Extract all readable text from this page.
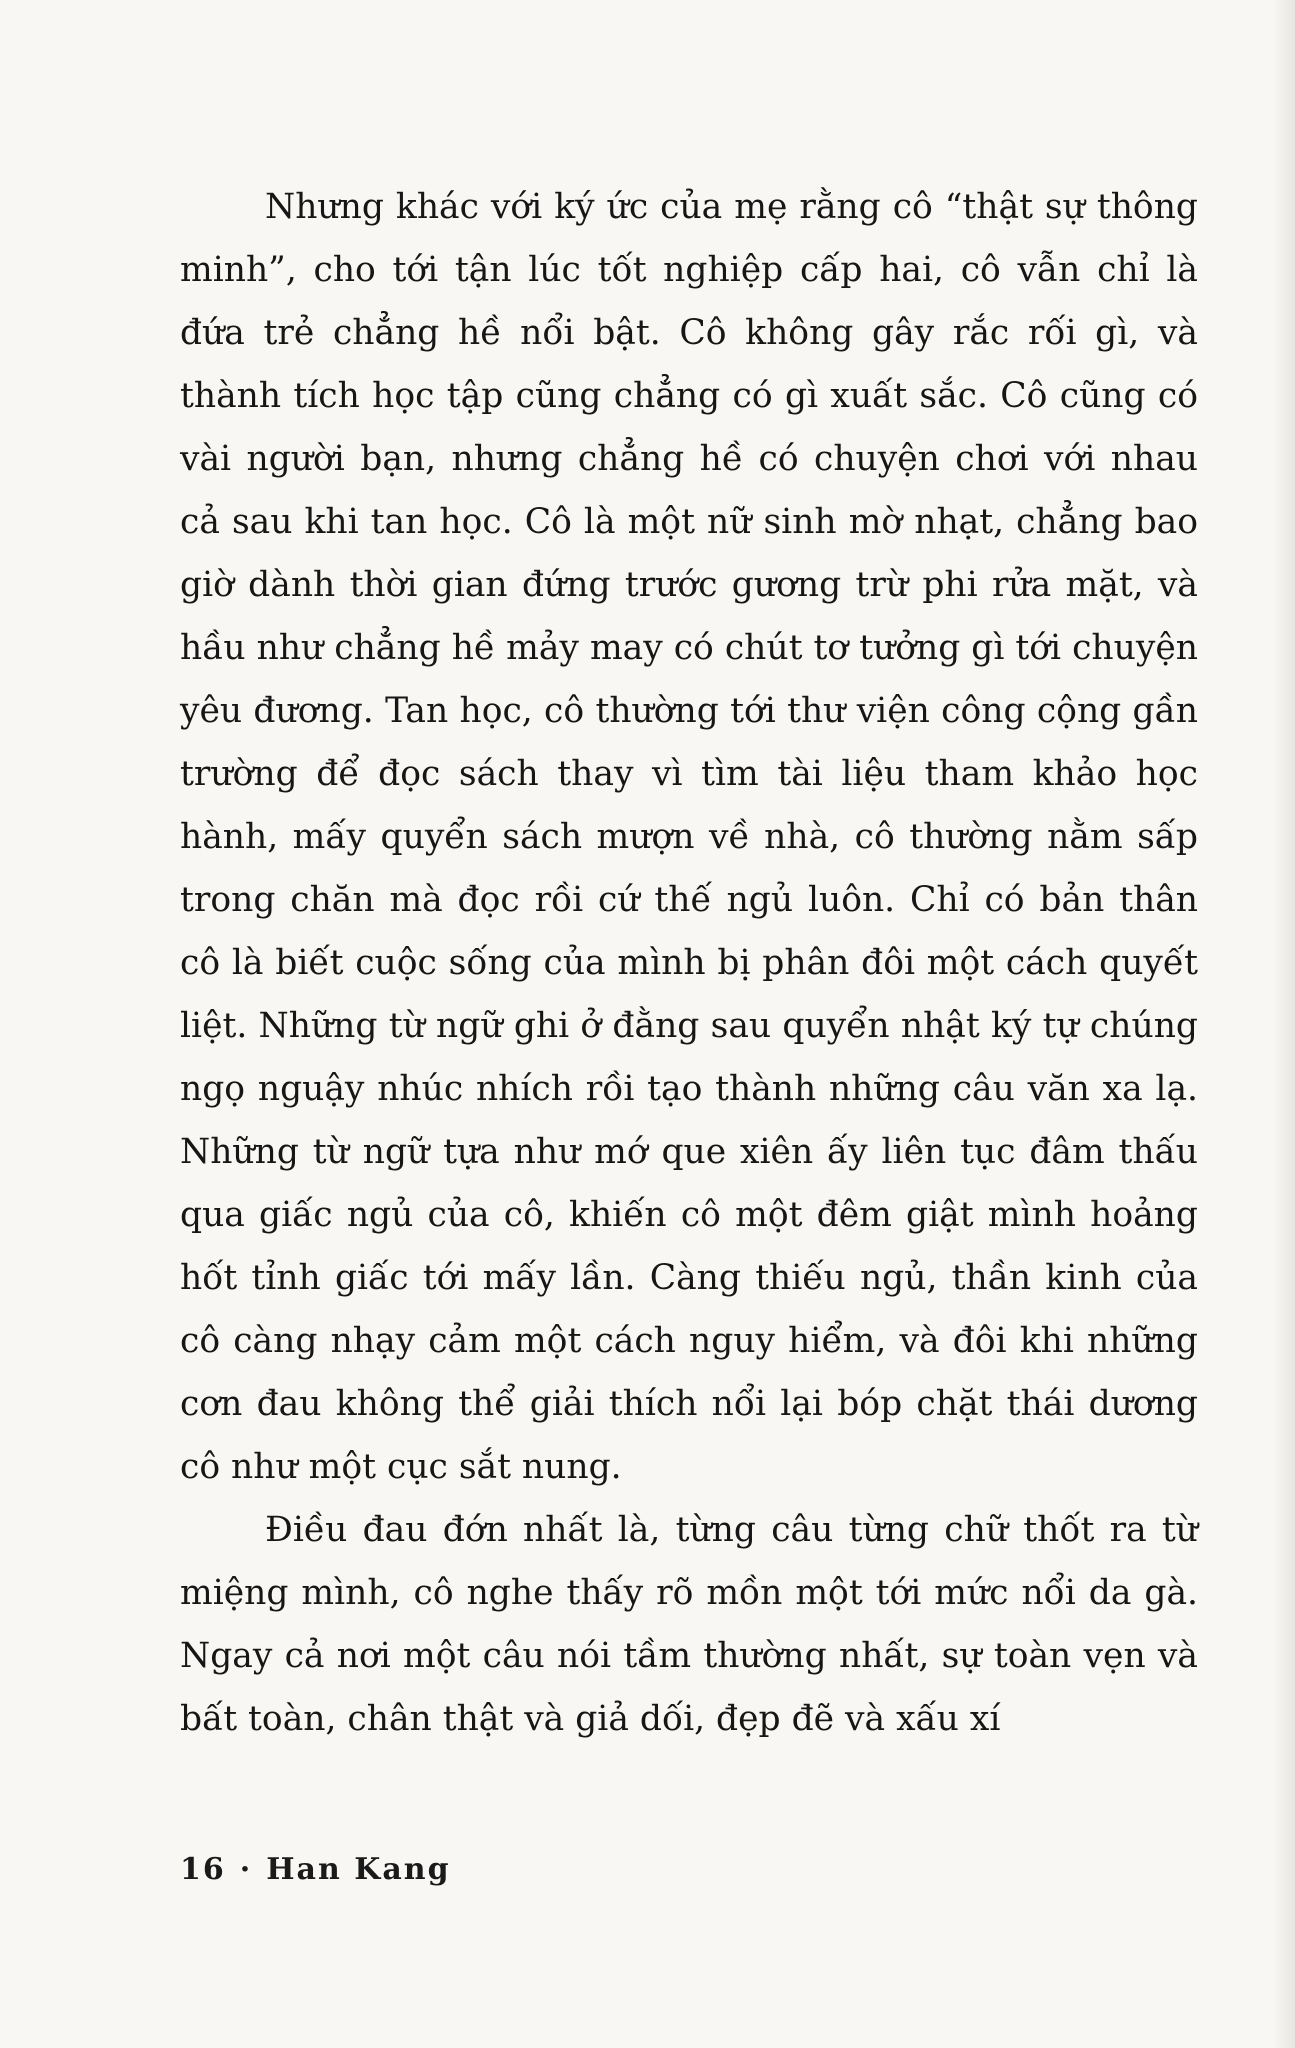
Nhưng khác với ký ức của mẹ rằng cô “thật sự thông minh”, cho tới tận lúc tốt nghiệp cấp hai, cô vẫn chỉ là đứa trẻ chẳng hề nổi bật. Cô không gây rắc rối gì, và thành tích học tập cũng chẳng có gì xuất sắc. Cô cũng có vài người bạn, nhưng chẳng hề có chuyện chơi với nhau cả sau khi tan học. Cô là một nữ sinh mờ nhạt, chẳng bao giờ dành thời gian đứng trước gương trừ phi rửa mặt, và hầu như chẳng hề mảy may có chút tơ tưởng gì tới chuyện yêu đương. Tan học, cô thường tới thư viện công cộng gần trường để đọc sách thay vì tìm tài liệu tham khảo học hành, mấy quyển sách mượn về nhà, cô thường nằm sấp trong chăn mà đọc rồi cứ thế ngủ luôn. Chỉ có bản thân cô là biết cuộc sống của mình bị phân đôi một cách quyết liệt. Những từ ngữ ghi ở đằng sau quyển nhật ký tự chúng ngọ nguậy nhúc nhích rồi tạo thành những câu văn xa lạ. Những từ ngữ tựa như mớ que xiên ấy liên tục đâm thấu qua giấc ngủ của cô, khiến cô một đêm giật mình hoảng hốt tỉnh giấc tới mấy lần. Càng thiếu ngủ, thần kinh của cô càng nhạy cảm một cách nguy hiểm, và đôi khi những cơn đau không thể giải thích nổi lại bóp chặt thái dương cô như một cục sắt nung.

Điều đau đớn nhất là, từng câu từng chữ thốt ra từ miệng mình, cô nghe thấy rõ mồn một tới mức nổi da gà. Ngay cả nơi một câu nói tầm thường nhất, sự toàn vẹn và bất toàn, chân thật và giả dối, đẹp đẽ và xấu xí

16 · Han Kang
